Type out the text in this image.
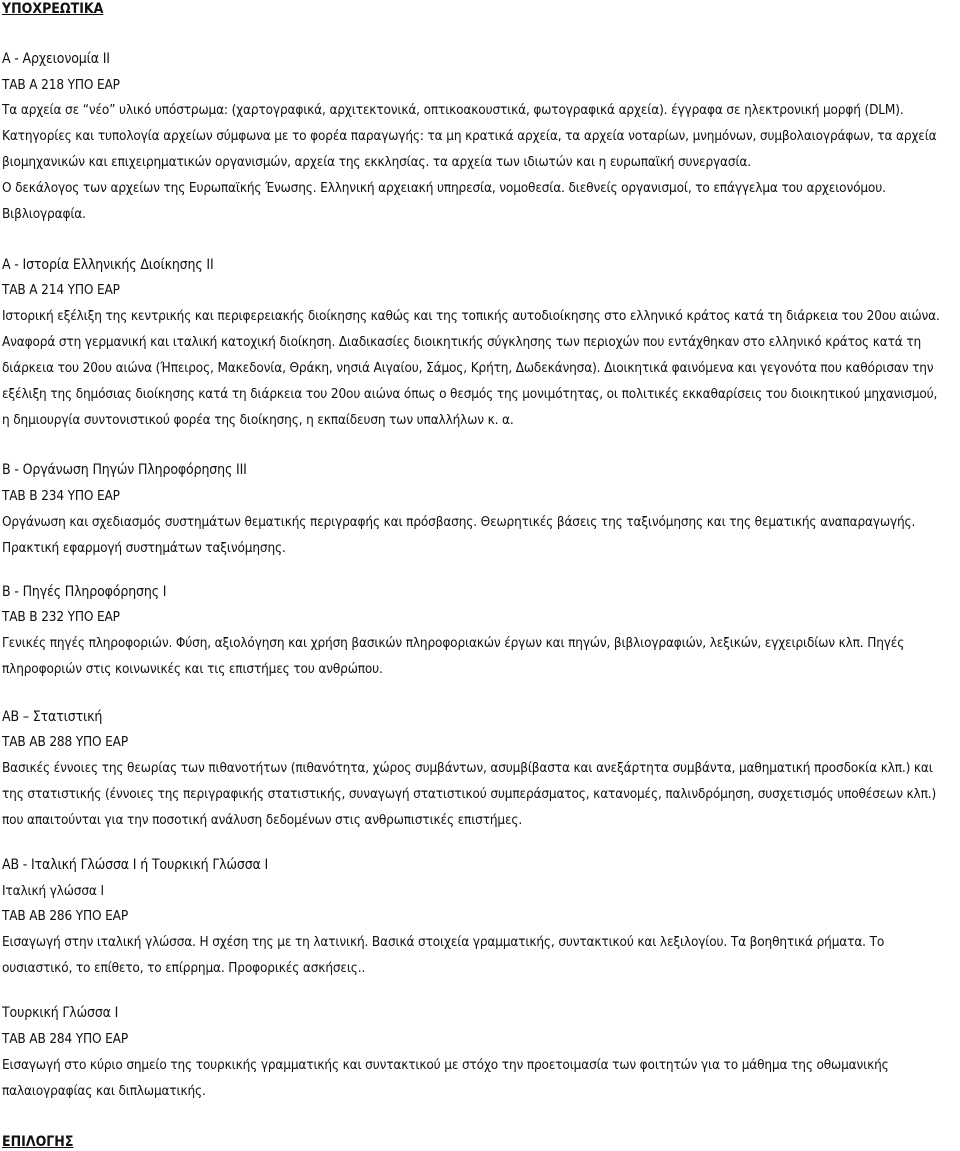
ΥΠΟΧΡΕΩΤΙΚΑ
A - Αρχειονομία ΙΙ
ΤΑΒ Α 218 ΥΠΟ ΕΑΡ
Τα αρχεία σε “νέο” υλικό υπόστρωμα: (χαρτογραφικά, αρχιτεκτονικά, οπτικοακουστικά, φωτογραφικά αρχεία). έγγραφα σε ηλεκτρονική μορφή (DLM).
Κατηγορίες και τυπολογία αρχείων σύμφωνα με το φορέα παραγωγής: τα μη κρατικά αρχεία, τα αρχεία νοταρίων, μνημόνων, συμβολαιογράφων, τα αρχεία
βιομηχανικών και επιχειρηματικών οργανισμών, αρχεία της εκκλησίας. τα αρχεία των ιδιωτών και η ευρωπαϊκή συνεργασία.
Ο δεκάλογος των αρχείων της Ευρωπαϊκής Ένωσης. Ελληνική αρχειακή υπηρεσία, νομοθεσία. διεθνείς οργανισμοί, το επάγγελμα του αρχειονόμου.
Βιβλιογραφία.
A - Ιστορία Ελληνικής Διοίκησης ΙΙ
ΤΑΒ Α 214 ΥΠΟ ΕΑΡ
Ιστορική εξέλιξη της κεντρικής και περιφερειακής διοίκησης καθώς και της τοπικής αυτοδιοίκησης στο ελληνικό κράτος κατά τη διάρκεια του 20ου αιώνα.
Αναφορά στη γερμανική και ιταλική κατοχική διοίκηση. Διαδικασίες διοικητικής σύγκλησης των περιοχών που εντάχθηκαν στο ελληνικό κράτος κατά τη
διάρκεια του 20ου αιώνα (Ήπειρος, Μακεδονία, Θράκη, νησιά Αιγαίου, Σάμος, Κρήτη, Δωδεκάνησα). Διοικητικά φαινόμενα και γεγονότα που καθόρισαν την
εξέλιξη της δημόσιας διοίκησης κατά τη διάρκεια του 20ου αιώνα όπως ο θεσμός της μονιμότητας, οι πολιτικές εκκαθαρίσεις του διοικητικού μηχανισμού,
η δημιουργία συντονιστικού φορέα της διοίκησης, η εκπαίδευση των υπαλλήλων κ. α.
Β - Οργάνωση Πηγών Πληροφόρησης ΙΙΙ
ΤΑΒ Β 234 ΥΠΟ ΕΑΡ
Οργάνωση και σχεδιασμός συστημάτων θεματικής περιγραφής και πρόσβασης. Θεωρητικές βάσεις της ταξινόμησης και της θεματικής αναπαραγωγής.
Πρακτική εφαρμογή συστημάτων ταξινόμησης.
Β - Πηγές Πληροφόρησης Ι
ΤΑΒ Β 232 ΥΠΟ ΕΑΡ
Γενικές πηγές πληροφοριών. Φύση, αξιολόγηση και χρήση βασικών πληροφοριακών έργων και πηγών, βιβλιογραφιών, λεξικών, εγχειριδίων κλπ. Πηγές
πληροφοριών στις κοινωνικές και τις επιστήμες του ανθρώπου.
ΑΒ – Στατιστική
ΤΑΒ ΑΒ 288 ΥΠΟ ΕΑΡ
Βασικές έννοιες της θεωρίας των πιθανοτήτων (πιθανότητα, χώρος συμβάντων, ασυμβίβαστα και ανεξάρτητα συμβάντα, μαθηματική προσδοκία κλπ.) και
της στατιστικής (έννοιες της περιγραφικής στατιστικής, συναγωγή στατιστικού συμπεράσματος, κατανομές, παλινδρόμηση, συσχετισμός υποθέσεων κλπ.)
που απαιτούνται για την ποσοτική ανάλυση δεδομένων στις ανθρωπιστικές επιστήμες.
ΑΒ - Ιταλική Γλώσσα Ι ή Τουρκική Γλώσσα Ι
Ιταλική γλώσσα Ι
ΤΑΒ ΑΒ 286 ΥΠΟ ΕΑΡ
Εισαγωγή στην ιταλική γλώσσα. Η σχέση της με τη λατινική. Βασικά στοιχεία γραμματικής, συντακτικού και λεξιλογίου. Τα βοηθητικά ρήματα. Το
ουσιαστικό, το επίθετο, το επίρρημα. Προφορικές ασκήσεις..
Τουρκική Γλώσσα Ι
ΤΑΒ ΑΒ 284 ΥΠΟ ΕΑΡ
Εισαγωγή στο κύριο σημείο της τουρκικής γραμματικής και συντακτικού με στόχο την προετοιμασία των φοιτητών για το μάθημα της οθωμανικής
παλαιογραφίας και διπλωματικής.
ΕΠΙΛΟΓΗΣ
